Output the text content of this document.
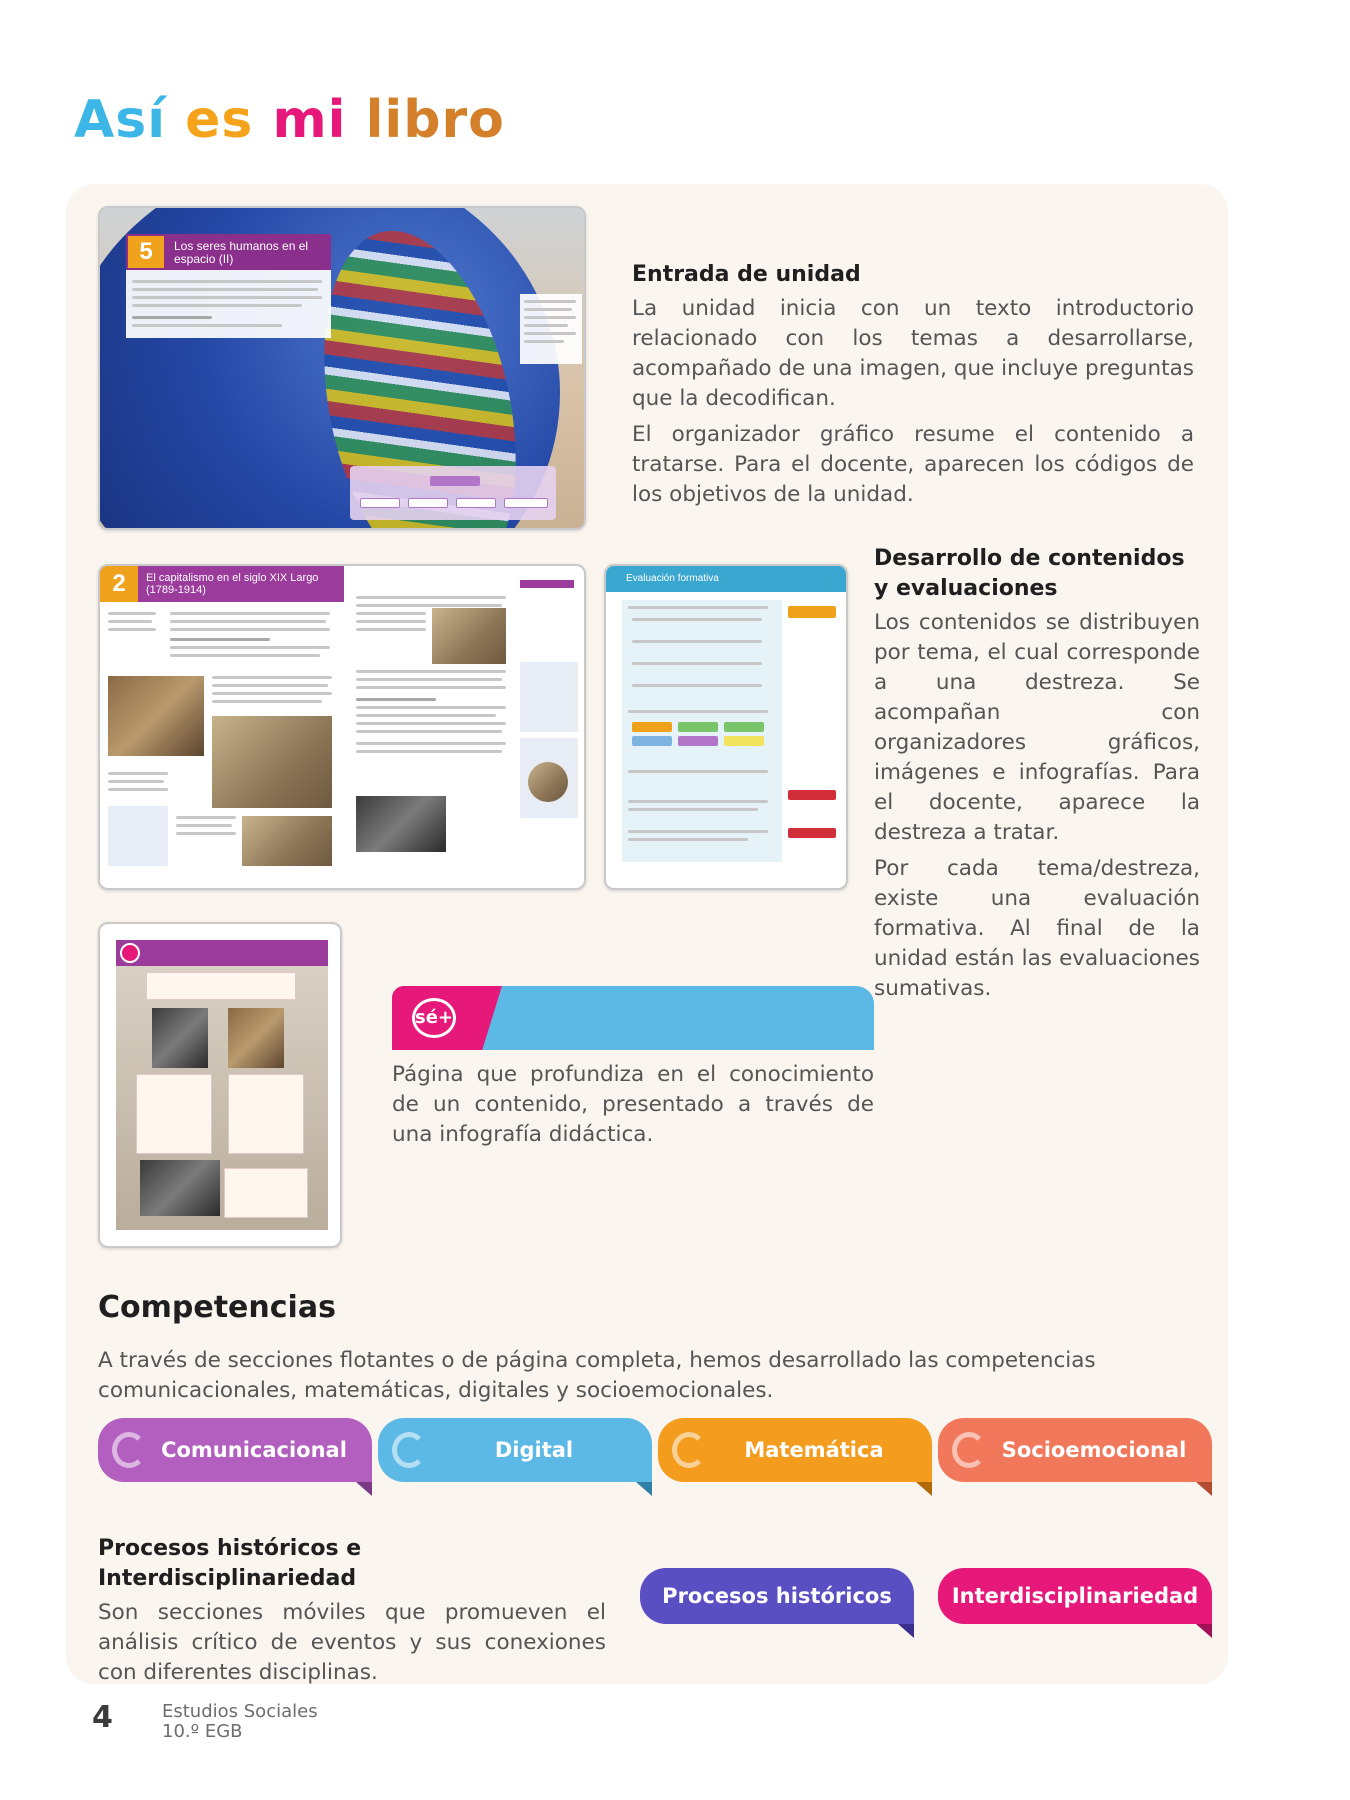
Así es mi libro
5	Los seres humanos en el espacio (II)
2	El capitalismo en el siglo XIX Largo (1789-1914)
Evaluación formativa
Entrada de unidad

La unidad inicia con un texto introductorio relacionado con los temas a desarrollarse, acompañado de una imagen, que incluye preguntas que la decodifican.

El organizador gráfico resume el contenido a tratarse. Para el docente, aparecen los códigos de los objetivos de la unidad.

Desarrollo de contenidos
y evaluaciones

Los contenidos se distribuyen por tema, el cual corresponde a una destreza. Se acompañan con organizadores gráficos, imágenes e infografías. Para el docente, aparece la destreza a tratar.

Por cada tema/destreza, existe una evaluación formativa. Al final de la unidad están las evaluaciones sumativas.

sé+

Página que profundiza en el conocimiento de un contenido, presentado a través de una infografía didáctica.

Competencias

A través de secciones flotantes o de página completa, hemos desarrollado las competencias comunicacionales, matemáticas, digitales y socioemocionales.

Comunicacional	Digital	Matemática	Socioemocional
Procesos históricos e Interdisciplinariedad

Son secciones móviles que promueven el análisis crítico de eventos y sus conexiones con diferentes disciplinas.

Procesos históricos	Interdisciplinariedad
4	Estudios Sociales
10.º EGB
